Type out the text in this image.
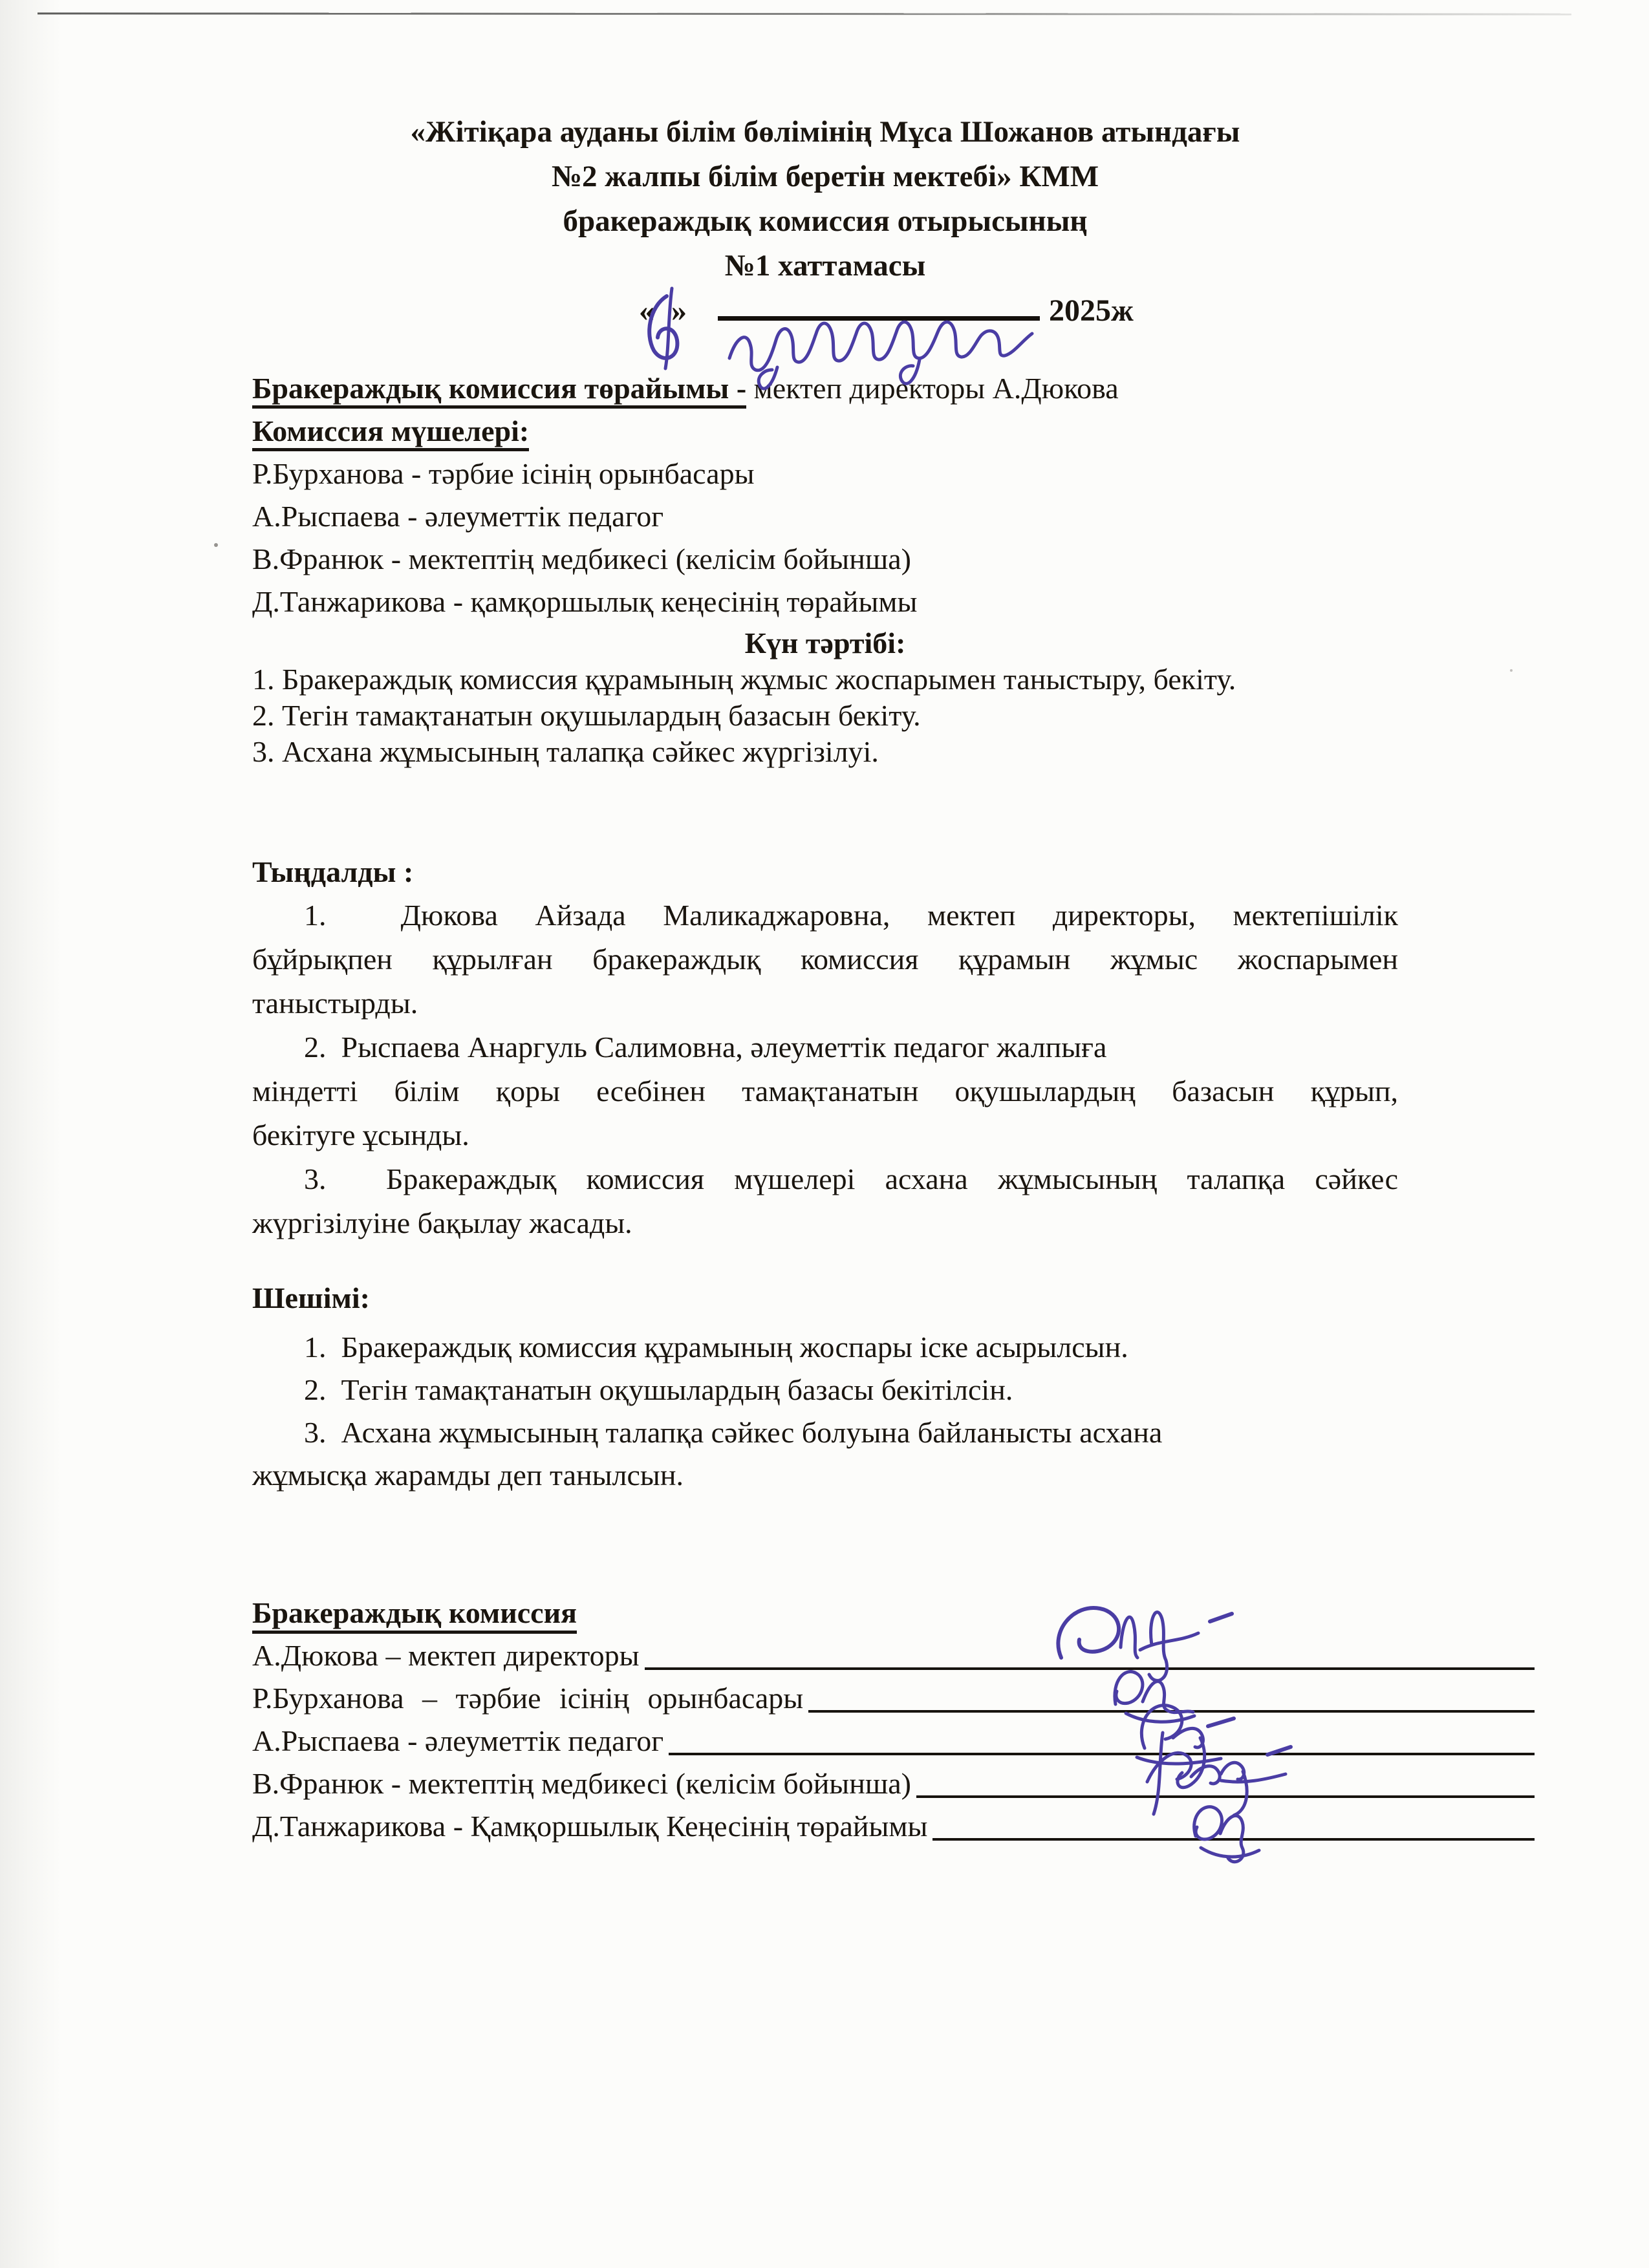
«Жітіқара ауданы білім бөлімінің Мұса Шожанов атындағы
№2 жалпы білім беретін мектебі» КММ
бракераждық комиссия отырысының
№1 хаттамасы
«»	2025ж
Бракераждық комиссия төрайымы - мектеп директоры А.Дюкова
Комиссия мүшелері:
Р.Бурханова - тәрбие ісінің орынбасары
А.Рыспаева - әлеуметтік педагог
В.Франюк - мектептің медбикесі (келісім бойынша)
Д.Танжарикова - қамқоршылық кеңесінің төрайымы
Күн тәртібі:
1. Бракераждық комиссия құрамының жұмыс жоспарымен таныстыру, бекіту.
2. Тегін тамақтанатын оқушылардың базасын бекіту.
3. Асхана жұмысының талапқа сәйкес жүргізілуі.
Тыңдалды :
1.  Дюкова Айзада Маликаджаровна, мектеп директоры, мектепішілік
бұйрықпен құрылған бракераждық комиссия құрамын жұмыс жоспарымен
таныстырды.
2.  Рыспаева Анаргуль Салимовна, әлеуметтік педагог жалпыға
міндетті білім қоры есебінен тамақтанатын оқушылардың базасын құрып,
бекітуге ұсынды.
3.  Бракераждық комиссия мүшелері асхана жұмысының талапқа сәйкес
жүргізілуіне бақылау жасады.
Шешімі:
1.  Бракераждық комиссия құрамының жоспары іске асырылсын.
2.  Тегін тамақтанатын оқушылардың базасы бекітілсін.
3.  Асхана жұмысының талапқа сәйкес болуына байланысты асхана
жұмысқа жарамды деп танылсын.
Бракераждық комиссия
А.Дюкова – мектеп директоры
Р.Бурханова – тәрбие ісінің орынбасары
А.Рыспаева - әлеуметтік педагог
В.Франюк - мектептің медбикесі (келісім бойынша)
Д.Танжарикова - Қамқоршылық Кеңесінің төрайымы
